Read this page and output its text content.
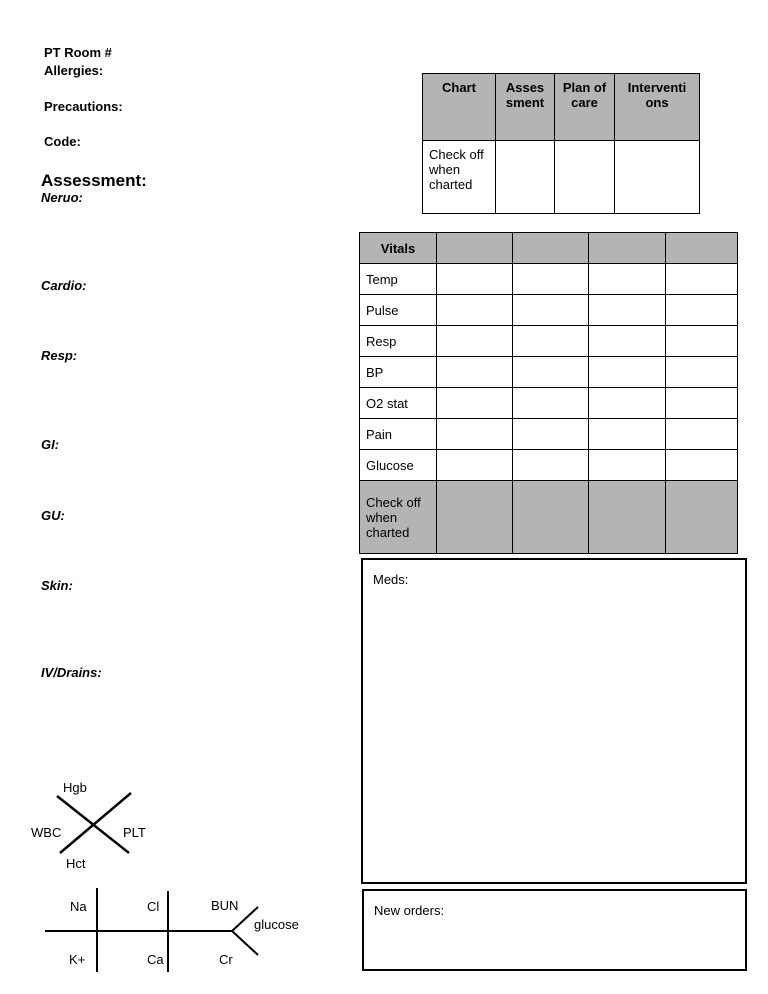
PT Room #
Allergies:
Precautions:
Code:
Assessment:
Neruo:
Cardio:
Resp:
GI:
GU:
Skin:
IV/Drains:
Chart	Asses sment	Plan of care	Interventi ons
Check off when charted			
Vitals				
Temp				
Pulse				
Resp				
BP				
O2 stat				
Pain				
Glucose				
Check off when charted				
Meds:
New orders:
Hgb
WBC	PLT
Hct
Na	Cl	BUN
glucose
K+	Ca	Cr
